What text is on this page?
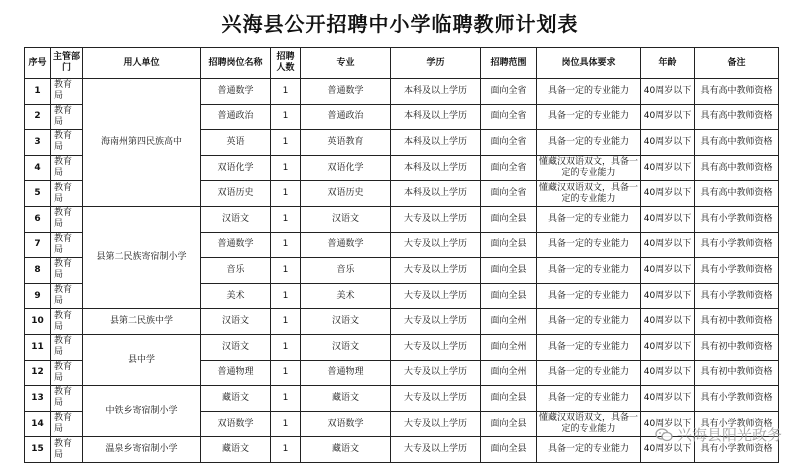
兴海县公开招聘中小学临聘教师计划表
序号	主管部门	用人单位	招聘岗位名称	招聘人数	专业	学历	招聘范围	岗位具体要求	年龄	备注
1	教育局	海南州第四民族高中	普通数学	1	普通数学	本科及以上学历	面向全省	具备一定的专业能力	40周岁以下	具有高中教师资格
2	教育局		普通政治	1	普通政治	本科及以上学历	面向全省	具备一定的专业能力	40周岁以下	具有高中教师资格
3	教育局		英语	1	英语教育	本科及以上学历	面向全省	具备一定的专业能力	40周岁以下	具有高中教师资格
4	教育局		双语化学	1	双语化学	本科及以上学历	面向全省	懂藏汉双语双文，具备一定的专业能力	40周岁以下	具有高中教师资格
5	教育局		双语历史	1	双语历史	本科及以上学历	面向全省	懂藏汉双语双文，具备一定的专业能力	40周岁以下	具有高中教师资格
6	教育局	县第二民族寄宿制小学	汉语文	1	汉语文	大专及以上学历	面向全县	具备一定的专业能力	40周岁以下	具有小学教师资格
7	教育局		普通数学	1	普通数学	大专及以上学历	面向全县	具备一定的专业能力	40周岁以下	具有小学教师资格
8	教育局		音乐	1	音乐	大专及以上学历	面向全县	具备一定的专业能力	40周岁以下	具有小学教师资格
9	教育局		美术	1	美术	大专及以上学历	面向全县	具备一定的专业能力	40周岁以下	具有小学教师资格
10	教育局	县第二民族中学	汉语文	1	汉语文	大专及以上学历	面向全州	具备一定的专业能力	40周岁以下	具有初中教师资格
11	教育局	县中学	汉语文	1	汉语文	大专及以上学历	面向全州	具备一定的专业能力	40周岁以下	具有初中教师资格
12	教育局		普通物理	1	普通物理	大专及以上学历	面向全州	具备一定的专业能力	40周岁以下	具有初中教师资格
13	教育局	中铁乡寄宿制小学	藏语文	1	藏语文	大专及以上学历	面向全县	具备一定的专业能力	40周岁以下	具有小学教师资格
14	教育局		双语数学	1	双语数学	大专及以上学历	面向全县	懂藏汉双语双文，具备一定的专业能力	40周岁以下	具有小学教师资格
15	教育局	温泉乡寄宿制小学	藏语文	1	藏语文	大专及以上学历	面向全县	具备一定的专业能力	40周岁以下	具有小学教师资格
兴海县阳光政务
